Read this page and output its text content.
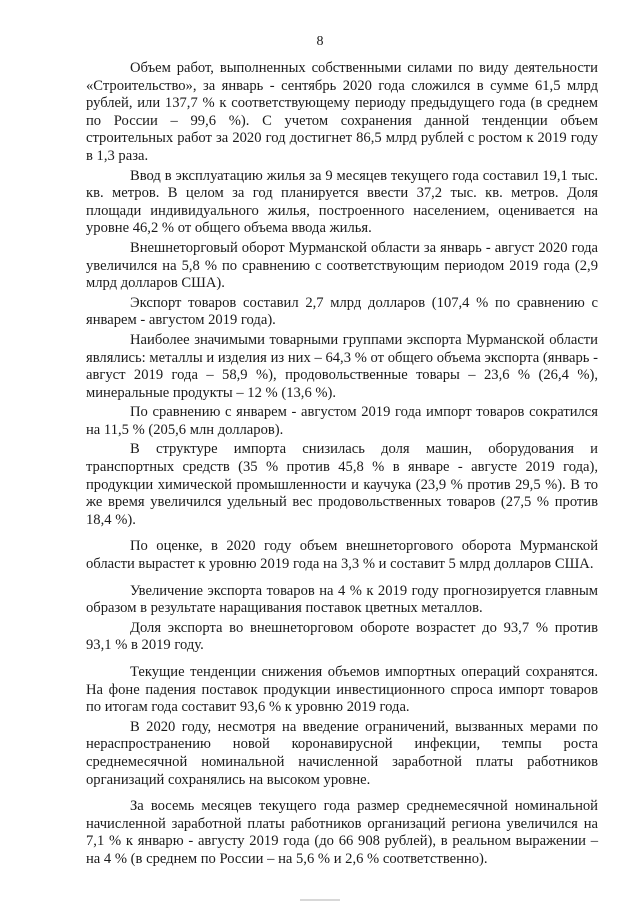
8

Объем работ, выполненных собственными силами по виду деятельности «Строительство», за январь - сентябрь 2020 года сложился в сумме 61,5 млрд рублей, или 137,7 % к соответствующему периоду предыдущего года (в среднем по России – 99,6 %). С учетом сохранения данной тенденции объем строительных работ за 2020 год достигнет 86,5 млрд рублей с ростом к 2019 году в 1,3 раза.

Ввод в эксплуатацию жилья за 9 месяцев текущего года составил 19,1 тыс. кв. метров. В целом за год планируется ввести 37,2 тыс. кв. метров. Доля площади индивидуального жилья, построенного населением, оценивается на уровне 46,2 % от общего объема ввода жилья.

Внешнеторговый оборот Мурманской области за январь - август 2020 года увеличился на 5,8 % по сравнению с соответствующим периодом 2019 года (2,9 млрд долларов США).

Экспорт товаров составил 2,7 млрд долларов (107,4 % по сравнению с январем - августом 2019 года).

Наиболее значимыми товарными группами экспорта Мурманской области являлись: металлы и изделия из них – 64,3 % от общего объема экспорта (январь - август 2019 года – 58,9 %), продовольственные товары – 23,6 % (26,4 %), минеральные продукты – 12 % (13,6 %).

По сравнению с январем - августом 2019 года импорт товаров сократился на 11,5 % (205,6 млн долларов).

В структуре импорта снизилась доля машин, оборудования и транспортных средств (35 % против 45,8 % в январе - августе 2019 года), продукции химической промышленности и каучука (23,9 % против 29,5 %). В то же время увеличился удельный вес продовольственных товаров (27,5 % против 18,4 %).

По оценке, в 2020 году объем внешнеторгового оборота Мурманской области вырастет к уровню 2019 года на 3,3 % и составит 5 млрд долларов США.

Увеличение экспорта товаров на 4 % к 2019 году прогнозируется главным образом в результате наращивания поставок цветных металлов.

Доля экспорта во внешнеторговом обороте возрастет до 93,7 % против 93,1 % в 2019 году.

Текущие тенденции снижения объемов импортных операций сохранятся. На фоне падения поставок продукции инвестиционного спроса импорт товаров по итогам года составит 93,6 % к уровню 2019 года.

В 2020 году, несмотря на введение ограничений, вызванных мерами по нераспространению новой коронавирусной инфекции, темпы роста среднемесячной номинальной начисленной заработной платы работников организаций сохранялись на высоком уровне.

За восемь месяцев текущего года размер среднемесячной номинальной начисленной заработной платы работников организаций региона увеличился на 7,1 % к январю - августу 2019 года (до 66 908 рублей), в реальном выражении – на 4 % (в среднем по России – на 5,6 % и 2,6 % соответственно).
